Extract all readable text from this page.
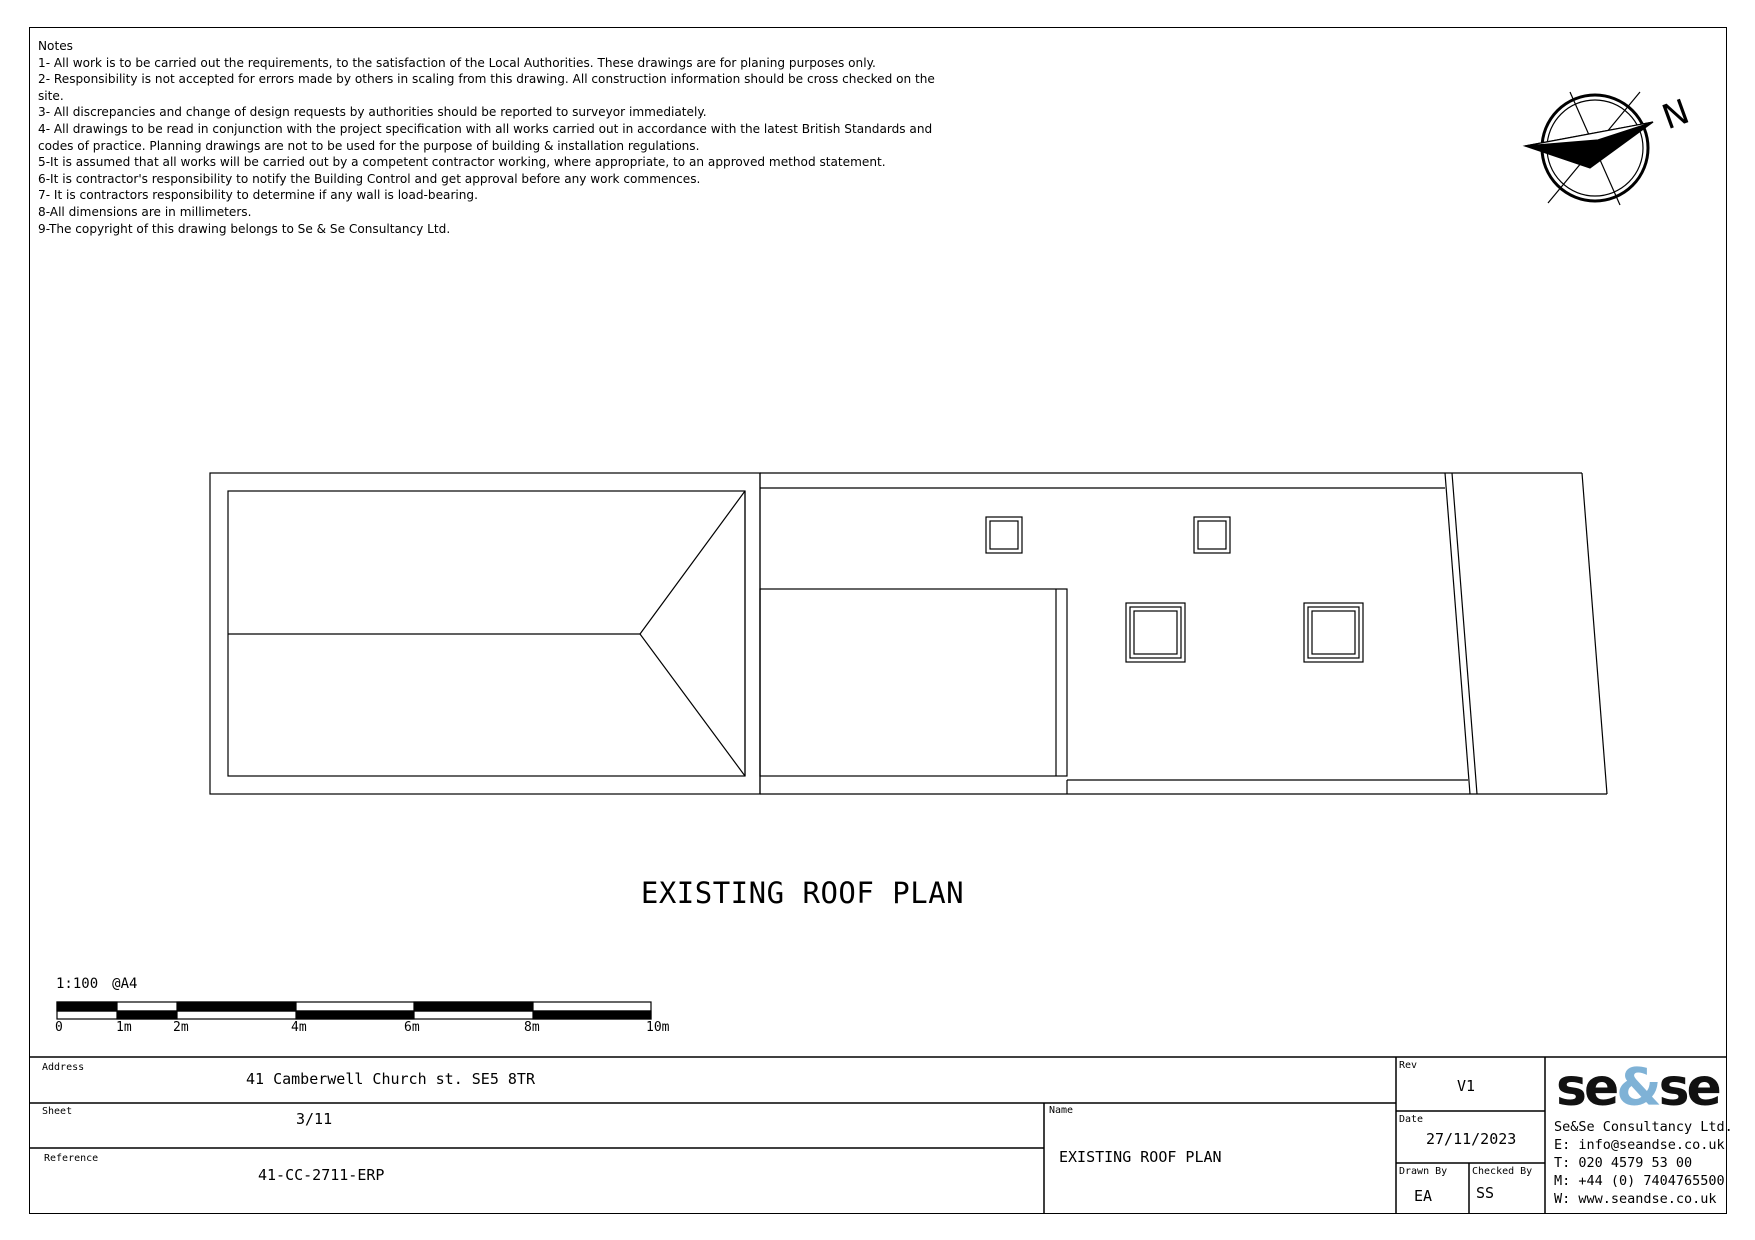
Notes
1- All work is to be carried out the requirements, to the satisfaction of the Local Authorities. These drawings are for planing purposes only.
2- Responsibility is not accepted for errors made by others in scaling from this drawing. All construction information should be cross checked on the site.
3- All discrepancies and change of design requests by authorities should be reported to surveyor immediately.
4- All drawings to be read in conjunction with the project specification with all works carried out in accordance with the latest British Standards and codes of practice. Planning drawings are not to be used for the purpose of building & installation regulations.
5-It is assumed that all works will be carried out by a competent contractor working, where appropriate, to an approved method statement.
6-It is contractor's responsibility to notify the Building Control and get approval before any work commences.
7- It is contractors responsibility to determine if any wall is load-bearing.
8-All dimensions are in millimeters.
9-The copyright of this drawing belongs to Se & Se Consultancy Ltd.
N
EXISTING ROOF PLAN
1:100 @A4
0	1m	2m	4m	6m	8m	10m
Address
41 Camberwell Church st. SE5 8TR
Sheet	3/11
Reference
41-CC-2711-ERP
Name
EXISTING ROOF PLAN
Rev
V1
Date
27/11/2023
Drawn By
EA
Checked By
SS
se&se
Se&Se Consultancy Ltd.
E: info@seandse.co.uk
T: 020 4579 53 00
M: +44 (0) 7404765500
W: www.seandse.co.uk
